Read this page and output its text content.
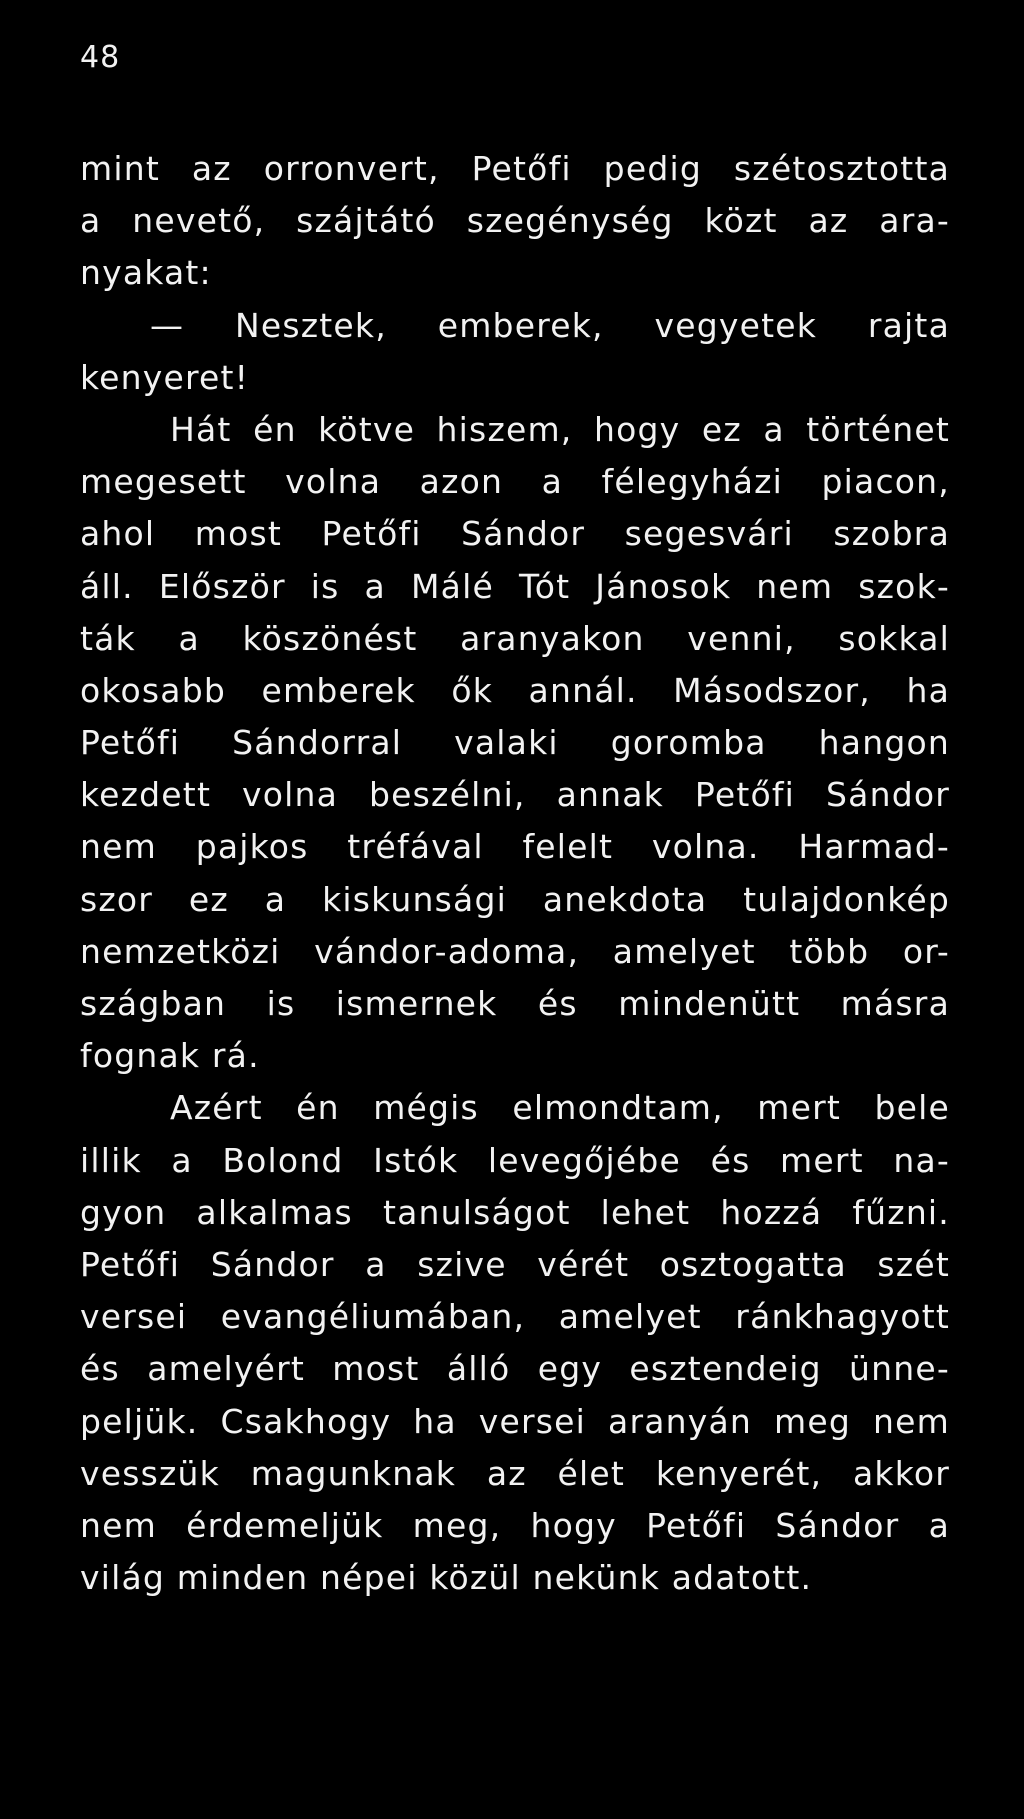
48
mint az orronvert, Petőfi pedig szétosztotta
a nevető, szájtátó szegénység közt az ara-
nyakat:
— Nesztek, emberek, vegyetek rajta
kenyeret!
Hát én kötve hiszem, hogy ez a történet
megesett volna azon a félegyházi piacon,
ahol most Petőfi Sándor segesvári szobra
áll. Először is a Málé Tót Jánosok nem szok-
ták a köszönést aranyakon venni, sokkal
okosabb emberek ők annál. Másodszor, ha
Petőfi Sándorral valaki goromba hangon
kezdett volna beszélni, annak Petőfi Sándor
nem pajkos tréfával felelt volna. Harmad-
szor ez a kiskunsági anekdota tulajdonkép
nemzetközi vándor-adoma, amelyet több or-
szágban is ismernek és mindenütt másra
fognak rá.
Azért én mégis elmondtam, mert bele
illik a Bolond Istók levegőjébe és mert na-
gyon alkalmas tanulságot lehet hozzá fűzni.
Petőfi Sándor a szive vérét osztogatta szét
versei evangéliumában, amelyet ránkhagyott
és amelyért most álló egy esztendeig ünne-
peljük. Csakhogy ha versei aranyán meg nem
vesszük magunknak az élet kenyerét, akkor
nem érdemeljük meg, hogy Petőfi Sándor a
világ minden népei közül nekünk adatott.
